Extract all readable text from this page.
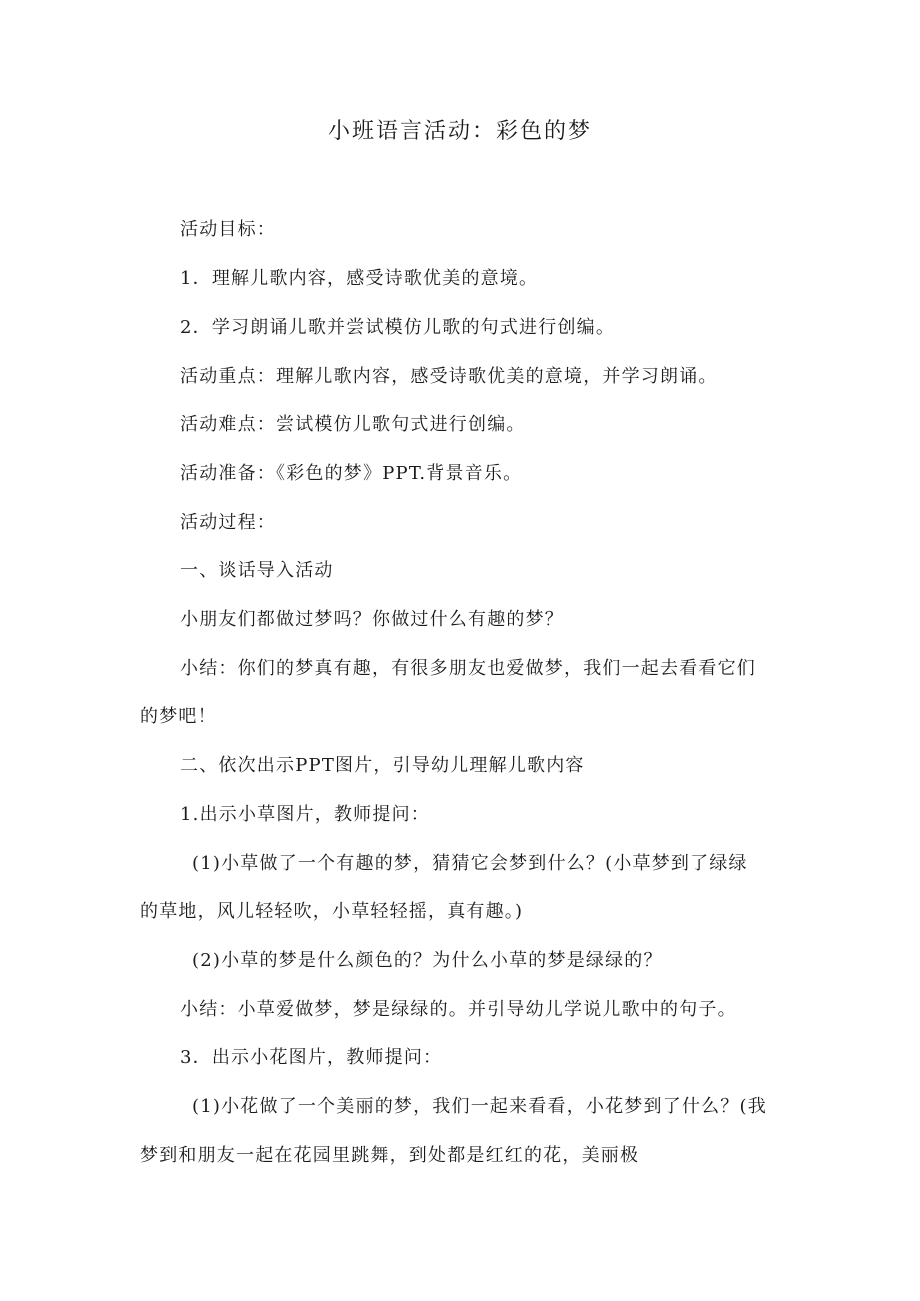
小班语言活动：彩色的梦
活动目标：
1．理解儿歌内容，感受诗歌优美的意境。
2．学习朗诵儿歌并尝试模仿儿歌的句式进行创编。
活动重点：理解儿歌内容，感受诗歌优美的意境，并学习朗诵。
活动难点：尝试模仿儿歌句式进行创编。
活动准备：《彩色的梦》PPT.背景音乐。
活动过程：
一、谈话导入活动
小朋友们都做过梦吗？你做过什么有趣的梦？
小结：你们的梦真有趣，有很多朋友也爱做梦，我们一起去看看它们
的梦吧！
二、依次出示PPT图片，引导幼儿理解儿歌内容
1.出示小草图片，教师提问：
(1)小草做了一个有趣的梦，猜猜它会梦到什么？(小草梦到了绿绿
的草地，风儿轻轻吹，小草轻轻摇，真有趣。)
(2)小草的梦是什么颜色的？为什么小草的梦是绿绿的？
小结：小草爱做梦，梦是绿绿的。并引导幼儿学说儿歌中的句子。
3．出示小花图片，教师提问：
(1)小花做了一个美丽的梦，我们一起来看看，小花梦到了什么？(我
梦到和朋友一起在花园里跳舞，到处都是红红的花，美丽极
